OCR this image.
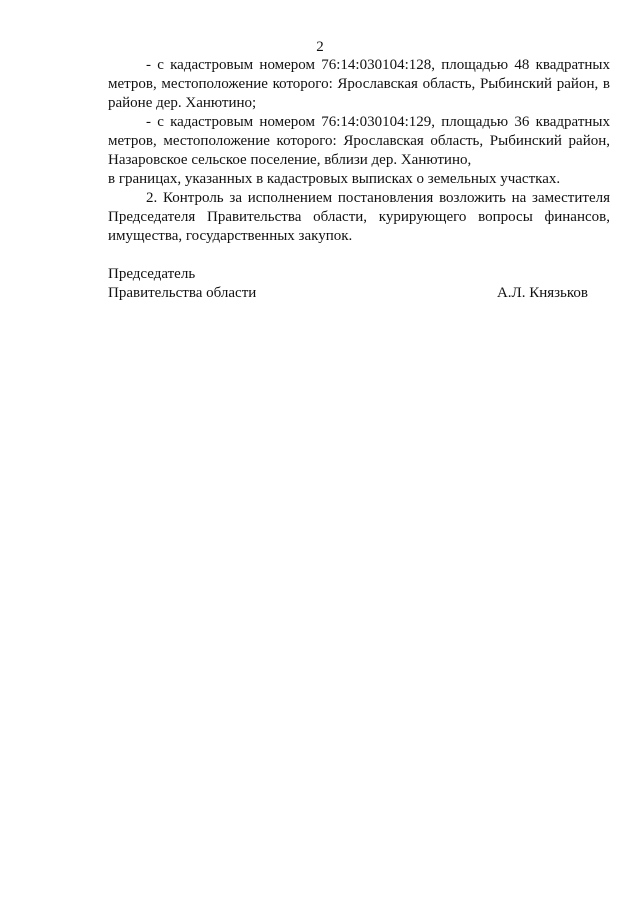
2

- с кадастровым номером 76:14:030104:128, площадью 48 квадратных метров, местоположение которого: Ярославская область, Рыбинский район, в районе дер. Ханютино;

- с кадастровым номером 76:14:030104:129, площадью 36 квадратных метров, местоположение которого: Ярославская область, Рыбинский район, Назаровское сельское поселение, вблизи дер. Ханютино,

в границах, указанных в кадастровых выписках о земельных участках.

2. Контроль за исполнением постановления возложить на заместителя Председателя Правительства области, курирующего вопросы финансов, имущества, государственных закупок.

Председатель
Правительства области	А.Л. Князьков
